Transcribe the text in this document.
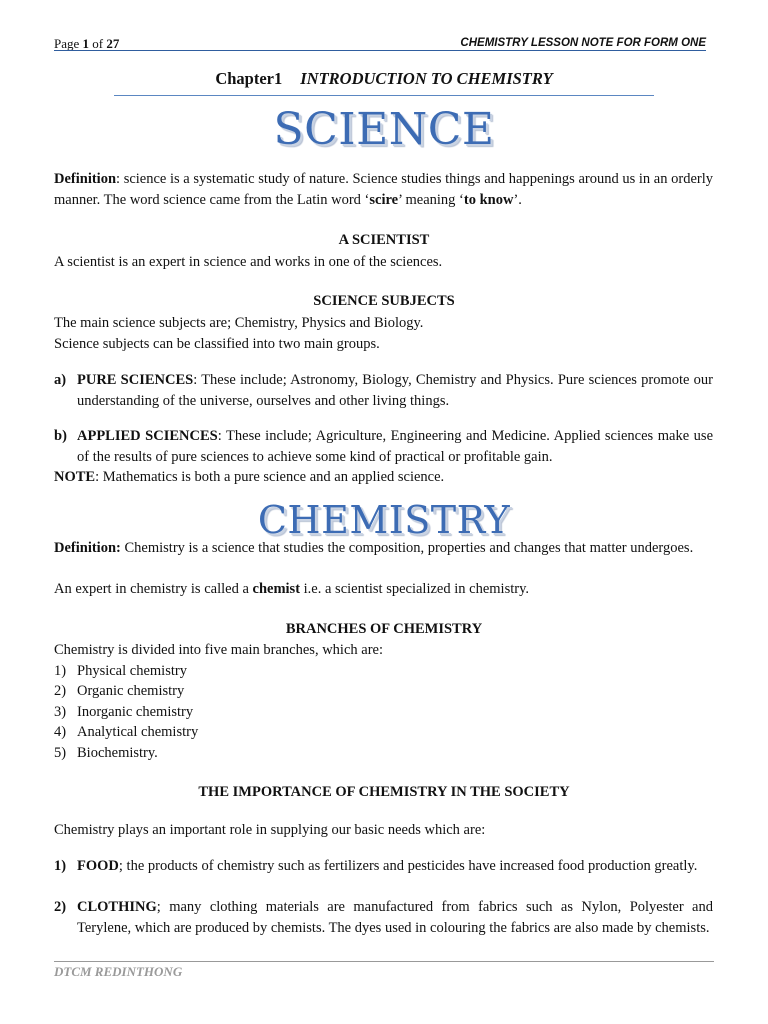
Page 1 of 27	CHEMISTRY LESSON NOTE FOR FORM ONE
Chapter1 INTRODUCTION TO CHEMISTRY
SCIENCE
Definition: science is a systematic study of nature. Science studies things and happenings around us in an orderly manner. The word science came from the Latin word ‘scire’ meaning ‘to know’.
A SCIENTIST
A scientist is an expert in science and works in one of the sciences.
SCIENCE SUBJECTS
The main science subjects are; Chemistry, Physics and Biology.
Science subjects can be classified into two main groups.
a) PURE SCIENCES: These include; Astronomy, Biology, Chemistry and Physics. Pure sciences promote our understanding of the universe, ourselves and other living things.
b) APPLIED SCIENCES: These include; Agriculture, Engineering and Medicine. Applied sciences make use of the results of pure sciences to achieve some kind of practical or profitable gain.
NOTE: Mathematics is both a pure science and an applied science.
CHEMISTRY
Definition: Chemistry is a science that studies the composition, properties and changes that matter undergoes.
An expert in chemistry is called a chemist i.e. a scientist specialized in chemistry.
BRANCHES OF CHEMISTRY
Chemistry is divided into five main branches, which are:
1) Physical chemistry
2) Organic chemistry
3) Inorganic chemistry
4) Analytical chemistry
5) Biochemistry.
THE IMPORTANCE OF CHEMISTRY IN THE SOCIETY
Chemistry plays an important role in supplying our basic needs which are:
1) FOOD; the products of chemistry such as fertilizers and pesticides have increased food production greatly.
2) CLOTHING; many clothing materials are manufactured from fabrics such as Nylon, Polyester and Terylene, which are produced by chemists. The dyes used in colouring the fabrics are also made by chemists.
DTCM REDINTHONG
